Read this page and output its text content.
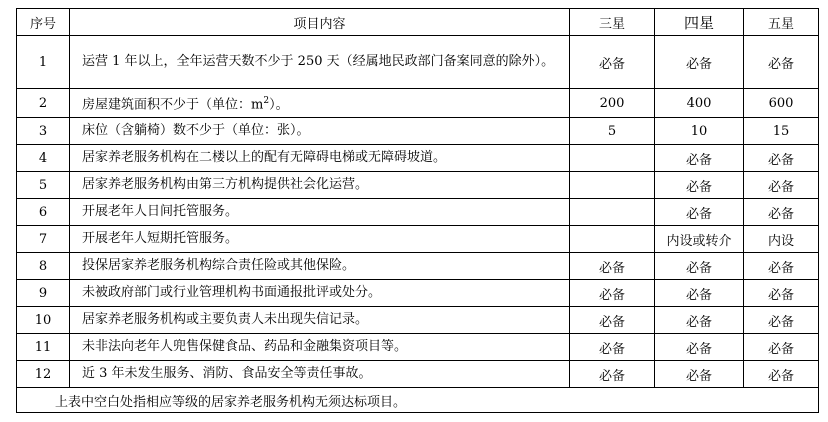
序号	项目内容	三星	四星	五星
1	运营 1 年以上，全年运营天数不少于 250 天（经属地民政部门备案同意的除外）。	必备	必备	必备
2	房屋建筑面积不少于（单位：$m^2$）。	200	400	600
3	床位（含躺椅）数不少于（单位：张）。	5	10	15
4	居家养老服务机构在二楼以上的配有无障碍电梯或无障碍坡道。		必备	必备
5	居家养老服务机构由第三方机构提供社会化运营。		必备	必备
6	开展老年人日间托管服务。		必备	必备
7	开展老年人短期托管服务。		内设或转介	内设
8	投保居家养老服务机构综合责任险或其他保险。	必备	必备	必备
9	未被政府部门或行业管理机构书面通报批评或处分。	必备	必备	必备
10	居家养老服务机构或主要负责人未出现失信记录。	必备	必备	必备
11	未非法向老年人兜售保健食品、药品和金融集资项目等。	必备	必备	必备
12	近 3 年未发生服务、消防、食品安全等责任事故。	必备	必备	必备
上表中空白处指相应等级的居家养老服务机构无须达标项目。				
